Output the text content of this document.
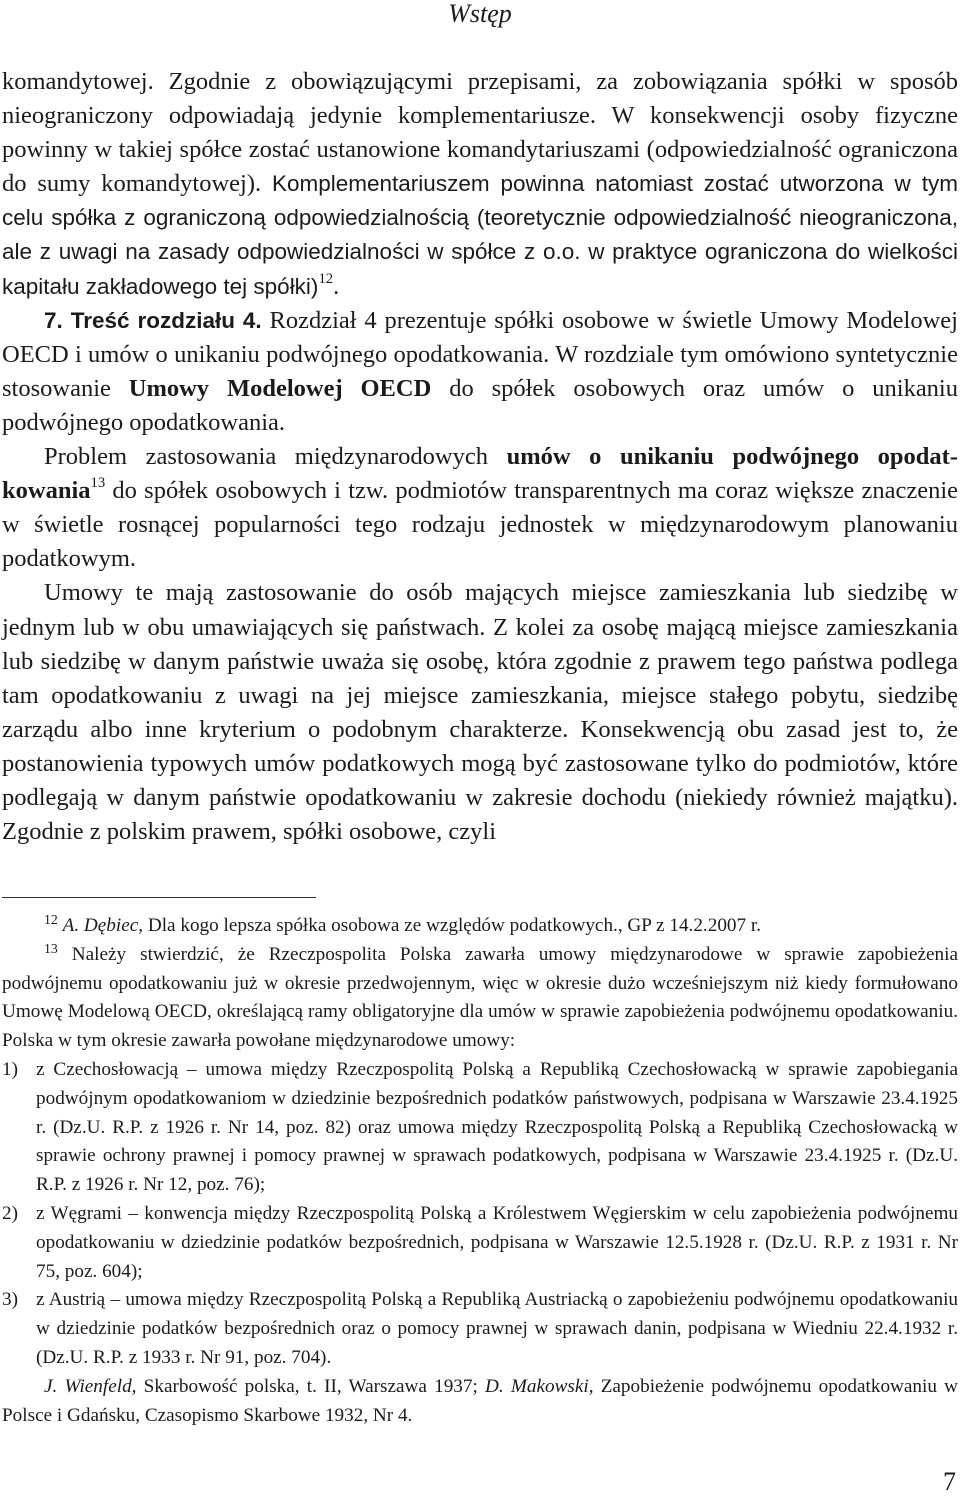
Wstęp

komandytowej. Zgodnie z obowiązującymi przepisami, za zobowiązania spółki w sposób nieograniczony odpowiadają jedynie komplementariusze. W konsekwencji osoby fizyczne powinny w takiej spółce zostać ustanowione komandytariuszami (odpowiedzialność ograniczona do sumy komandytowej). Komplementariuszem powinna natomiast zostać utworzona w tym celu spółka z ograniczoną odpowiedzialnością (teoretycznie odpowiedzialność nieograniczona, ale z uwagi na zasady odpowiedzialności w spółce z o.o. w praktyce ograniczona do wielkości kapitału zakładowego tej spółki)$^{12}$.

7. Treść rozdziału 4. Rozdział 4 prezentuje spółki osobowe w świetle Umowy Modelowej OECD i umów o unikaniu podwójnego opodatkowania. W rozdziale tym omówiono syntetycznie stosowanie Umowy Modelowej OECD do spółek osobowych oraz umów o unikaniu podwójnego opodatkowania.

Problem zastosowania międzynarodowych umów o unikaniu podwójnego opodatkowania$^{13}$ do spółek osobowych i tzw. podmiotów transparentnych ma coraz większe znaczenie w świetle rosnącej popularności tego rodzaju jednostek w międzynarodowym planowaniu podatkowym.

Umowy te mają zastosowanie do osób mających miejsce zamieszkania lub siedzibę w jednym lub w obu umawiających się państwach. Z kolei za osobę mającą miejsce zamieszkania lub siedzibę w danym państwie uważa się osobę, która zgodnie z prawem tego państwa podlega tam opodatkowaniu z uwagi na jej miejsce zamieszkania, miejsce stałego pobytu, siedzibę zarządu albo inne kryterium o podobnym charakterze. Konsekwencją obu zasad jest to, że postanowienia typowych umów podatkowych mogą być zastosowane tylko do podmiotów, które podlegają w danym państwie opodatkowaniu w zakresie dochodu (niekiedy również majątku). Zgodnie z polskim prawem, spółki osobowe, czyli

$^{12}$ A. Dębiec, Dla kogo lepsza spółka osobowa ze względów podatkowych., GP z 14.2.2007 r.

$^{13}$ Należy stwierdzić, że Rzeczpospolita Polska zawarła umowy międzynarodowe w sprawie zapobieżenia podwójnemu opodatkowaniu już w okresie przedwojennym, więc w okresie dużo wcześniejszym niż kiedy formułowano Umowę Modelową OECD, określającą ramy obligatoryjne dla umów w sprawie zapobieżenia podwójnemu opodatkowaniu. Polska w tym okresie zawarła powołane międzynarodowe umowy:

1) z Czechosłowacją – umowa między Rzeczpospolitą Polską a Republiką Czechosłowacką w sprawie zapobiegania podwójnym opodatkowaniom w dziedzinie bezpośrednich podatków państwowych, podpisana w Warszawie 23.4.1925 r. (Dz.U. R.P. z 1926 r. Nr 14, poz. 82) oraz umowa między Rzeczpospolitą Polską a Republiką Czechosłowacką w sprawie ochrony prawnej i pomocy prawnej w sprawach podatkowych, podpisana w Warszawie 23.4.1925 r. (Dz.U. R.P. z 1926 r. Nr 12, poz. 76);
2) z Węgrami – konwencja między Rzeczpospolitą Polską a Królestwem Węgierskim w celu zapobieżenia podwójnemu opodatkowaniu w dziedzinie podatków bezpośrednich, podpisana w Warszawie 12.5.1928 r. (Dz.U. R.P. z 1931 r. Nr 75, poz. 604);
3) z Austrią – umowa między Rzeczpospolitą Polską a Republiką Austriacką o zapobieżeniu podwójnemu opodatkowaniu w dziedzinie podatków bezpośrednich oraz o pomocy prawnej w sprawach danin, podpisana w Wiedniu 22.4.1932 r. (Dz.U. R.P. z 1933 r. Nr 91, poz. 704).

J. Wienfeld, Skarbowość polska, t. II, Warszawa 1937; D. Makowski, Zapobieżenie podwójnemu opodatkowaniu w Polsce i Gdańsku, Czasopismo Skarbowe 1932, Nr 4.

7
